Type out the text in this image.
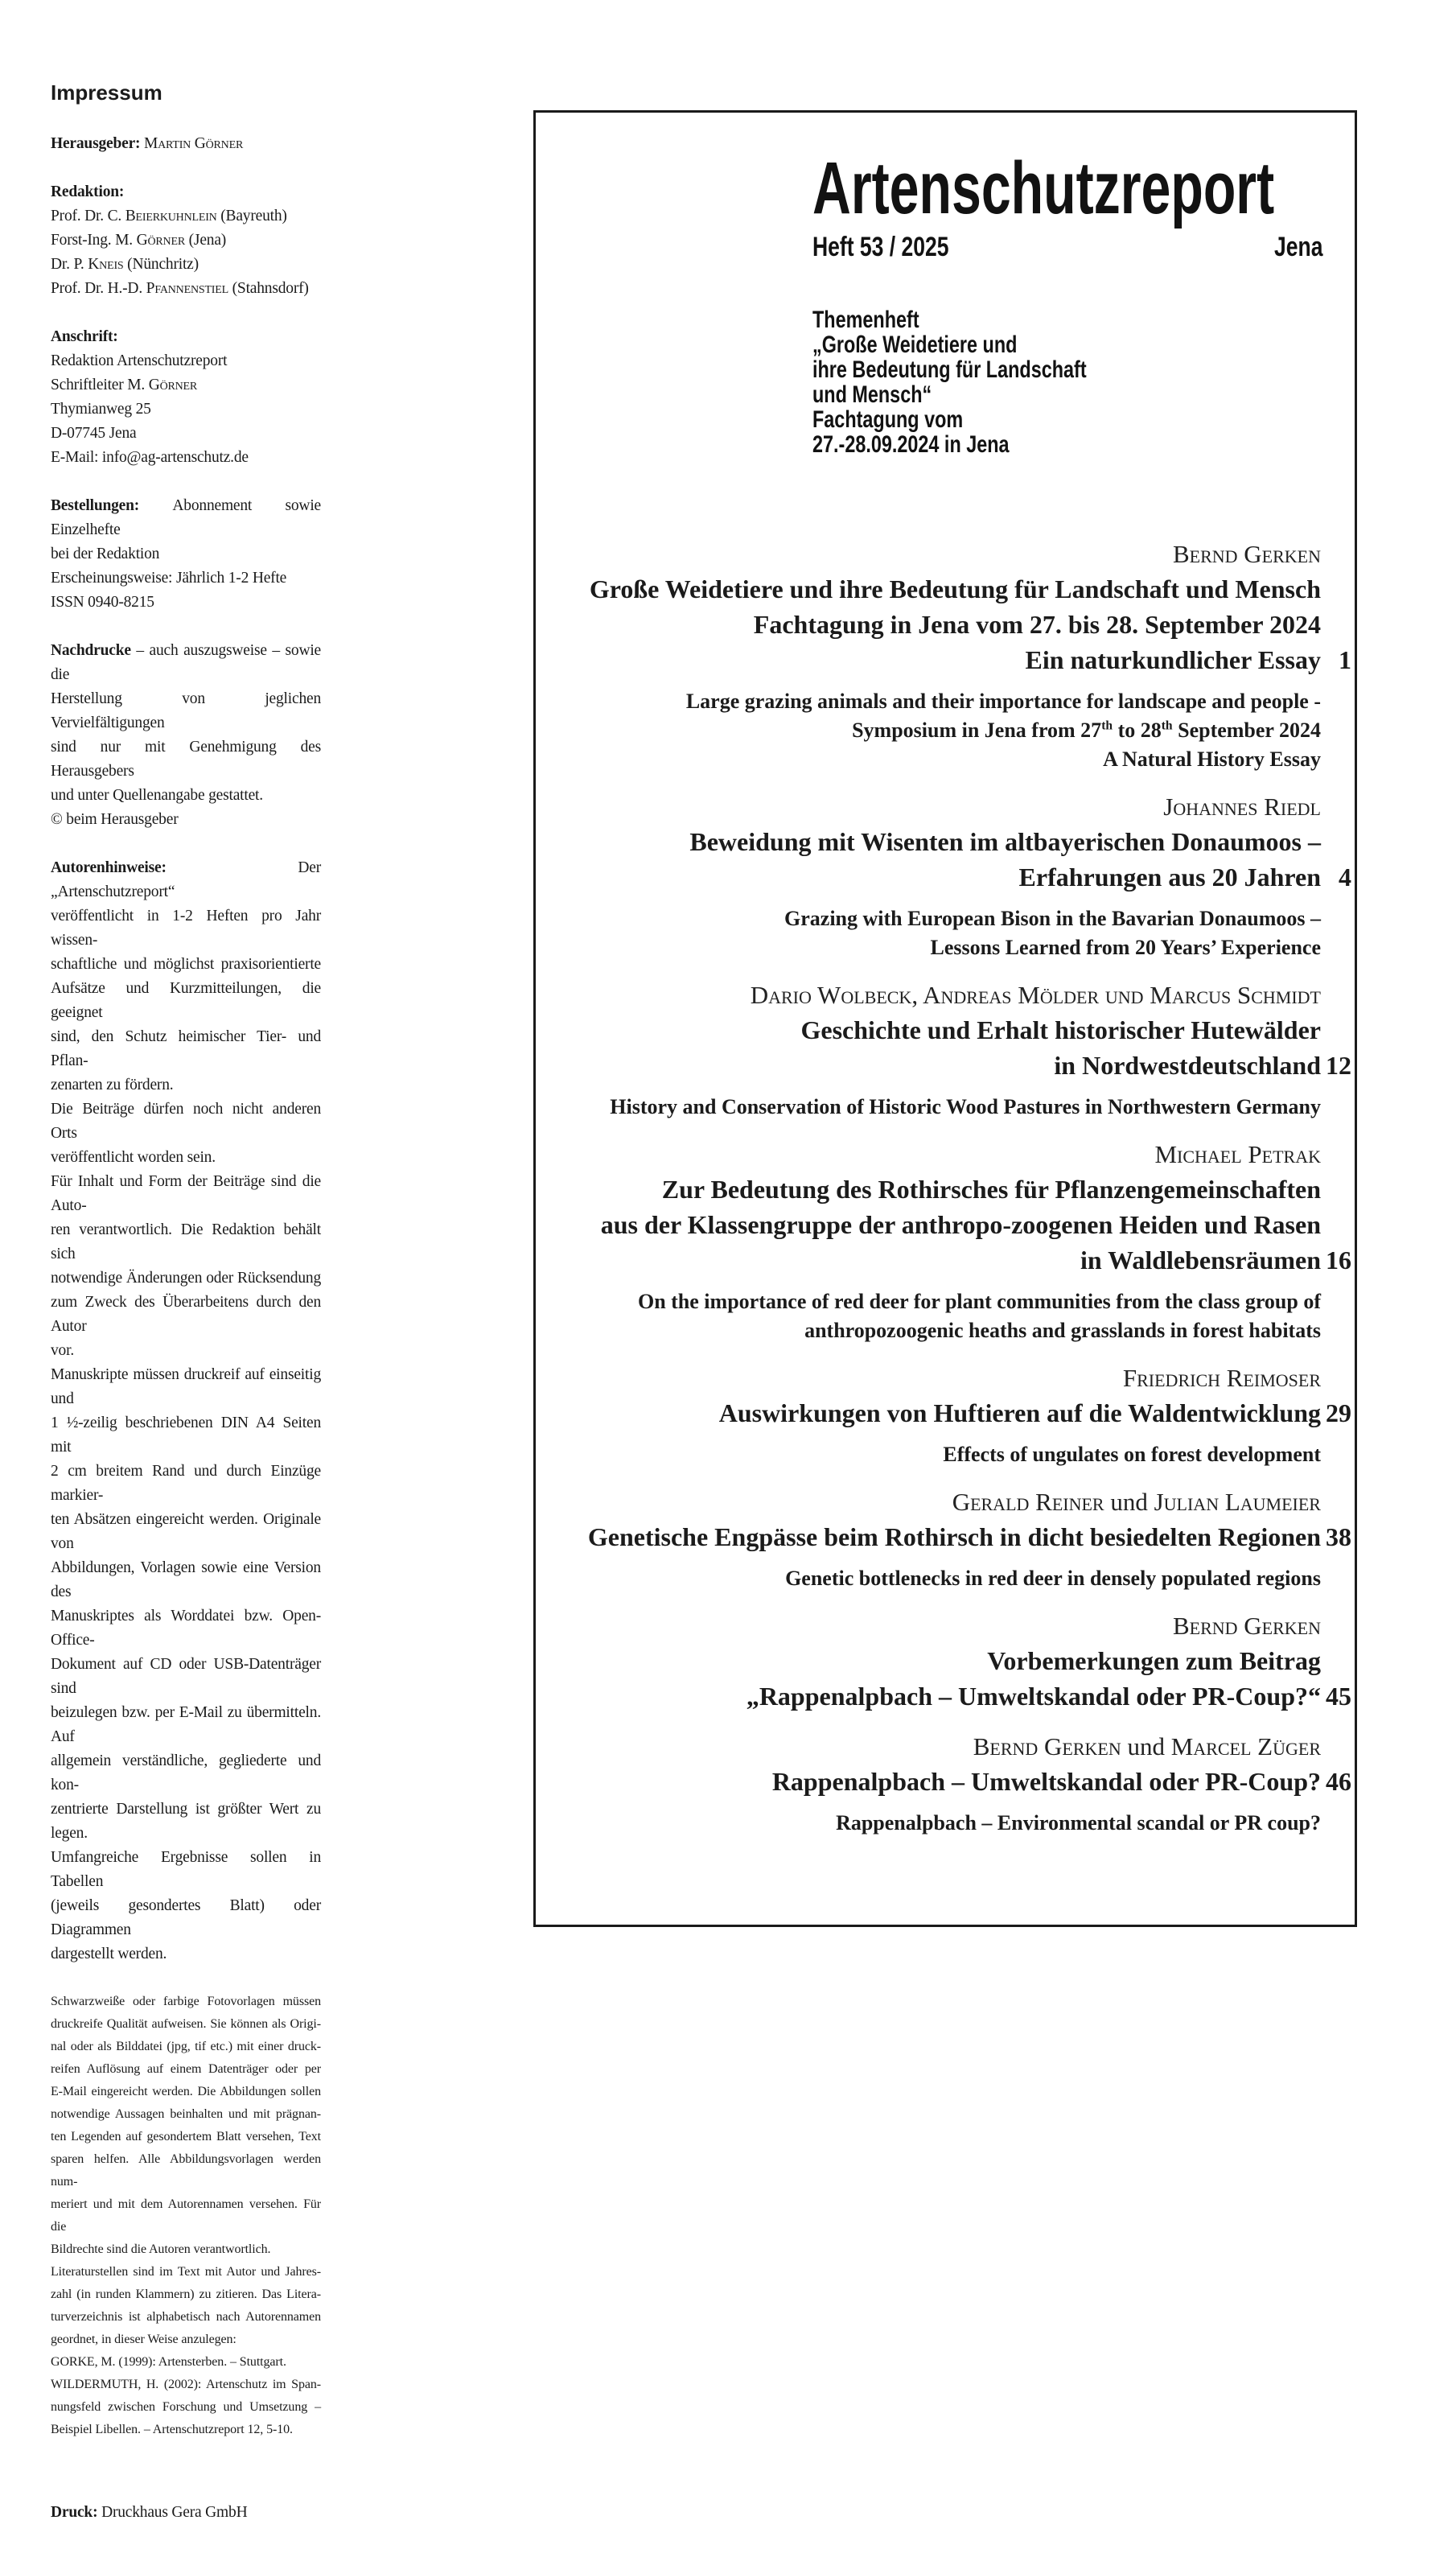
Impressum
Herausgeber: Martin Görner
Redaktion:
Prof. Dr. C. Beierkuhnlein (Bayreuth)
Forst-Ing. M. Görner (Jena)
Dr. P. Kneis (Nünchritz)
Prof. Dr. H.-D. Pfannenstiel (Stahnsdorf)
Anschrift:
Redaktion Artenschutzreport
Schriftleiter M. Görner
Thymianweg 25
D-07745 Jena
E-Mail: info@ag-artenschutz.de
Bestellungen: Abonnement sowie Einzelhefte
bei der Redaktion
Erscheinungsweise: Jährlich 1-2 Hefte
ISSN 0940-8215
Nachdrucke – auch auszugsweise – sowie die
Herstellung von jeglichen Vervielfältigungen
sind nur mit Genehmigung des Herausgebers
und unter Quellenangabe gestattet.
© beim Herausgeber
Autorenhinweise: Der „Artenschutzreport“
veröffentlicht in 1-2 Heften pro Jahr wissen-
schaftliche und möglichst praxisorientierte
Aufsätze und Kurzmitteilungen, die geeignet
sind, den Schutz heimischer Tier- und Pflan-
zenarten zu fördern.
Die Beiträge dürfen noch nicht anderen Orts
veröffentlicht worden sein.
Für Inhalt und Form der Beiträge sind die Auto-
ren verantwortlich. Die Redaktion behält sich
notwendige Änderungen oder Rücksendung
zum Zweck des Überarbeitens durch den Autor
vor.
Manuskripte müssen druckreif auf einseitig und
1 ½-zeilig beschriebenen DIN A4 Seiten mit
2 cm breitem Rand und durch Einzüge markier-
ten Absätzen eingereicht werden. Originale von
Abbildungen, Vorlagen sowie eine Version des
Manuskriptes als Worddatei bzw. Open-Office-
Dokument auf CD oder USB-Datenträger sind
beizulegen bzw. per E-Mail zu übermitteln. Auf
allgemein verständliche, gegliederte und kon-
zentrierte Darstellung ist größter Wert zu legen.
Umfangreiche Ergebnisse sollen in Tabellen
(jeweils gesondertes Blatt) oder Diagrammen
dargestellt werden.
Schwarzweiße oder farbige Fotovorlagen müssen
druckreife Qualität aufweisen. Sie können als Origi-
nal oder als Bilddatei (jpg, tif etc.) mit einer druck-
reifen Auflösung auf einem Datenträger oder per
E-Mail eingereicht werden. Die Abbildungen sollen
notwendige Aussagen beinhalten und mit prägnan-
ten Legenden auf gesondertem Blatt versehen, Text
sparen helfen. Alle Abbildungsvorlagen werden num-
meriert und mit dem Autorennamen versehen. Für die
Bildrechte sind die Autoren verantwortlich.
Literaturstellen sind im Text mit Autor und Jahres-
zahl (in runden Klammern) zu zitieren. Das Litera-
turverzeichnis ist alphabetisch nach Autorennamen
geordnet, in dieser Weise anzulegen:
GORKE, M. (1999): Artensterben. – Stuttgart.
WILDERMUTH, H. (2002): Artenschutz im Span-
nungsfeld zwischen Forschung und Umsetzung –
Beispiel Libellen. – Artenschutzreport 12, 5-10.
Druck: Druckhaus Gera GmbH
Artenschutzreport
Heft 53 / 2025	Jena
Themenheft
„Große Weidetiere und
ihre Bedeutung für Landschaft
und Mensch“
Fachtagung vom
27.-28.09.2024 in Jena
Bernd Gerken
Große Weidetiere und ihre Bedeutung für Landschaft und Mensch
Fachtagung in Jena vom 27. bis 28. September 2024
Ein naturkundlicher Essay 1
Large grazing animals and their importance for landscape and people -
Symposium in Jena from 27th to 28th September 2024
A Natural History Essay
Johannes Riedl
Beweidung mit Wisenten im altbayerischen Donaumoos –
Erfahrungen aus 20 Jahren 4
Grazing with European Bison in the Bavarian Donaumoos –
Lessons Learned from 20 Years’ Experience
Dario Wolbeck, Andreas Mölder und Marcus Schmidt
Geschichte und Erhalt historischer Hutewälder
in Nordwestdeutschland 12
History and Conservation of Historic Wood Pastures in Northwestern Germany
Michael Petrak
Zur Bedeutung des Rothirsches für Pflanzengemeinschaften
aus der Klassengruppe der anthropo-zoogenen Heiden und Rasen
in Waldlebensräumen 16
On the importance of red deer for plant communities from the class group of
anthropozoogenic heaths and grasslands in forest habitats
Friedrich Reimoser
Auswirkungen von Huftieren auf die Waldentwicklung 29
Effects of ungulates on forest development
Gerald Reiner und Julian Laumeier
Genetische Engpässe beim Rothirsch in dicht besiedelten Regionen 38
Genetic bottlenecks in red deer in densely populated regions
Bernd Gerken
Vorbemerkungen zum Beitrag
„Rappenalpbach – Umweltskandal oder PR-Coup?“ 45
Bernd Gerken und Marcel Züger
Rappenalpbach – Umweltskandal oder PR-Coup? 46
Rappenalpbach – Environmental scandal or PR coup?
